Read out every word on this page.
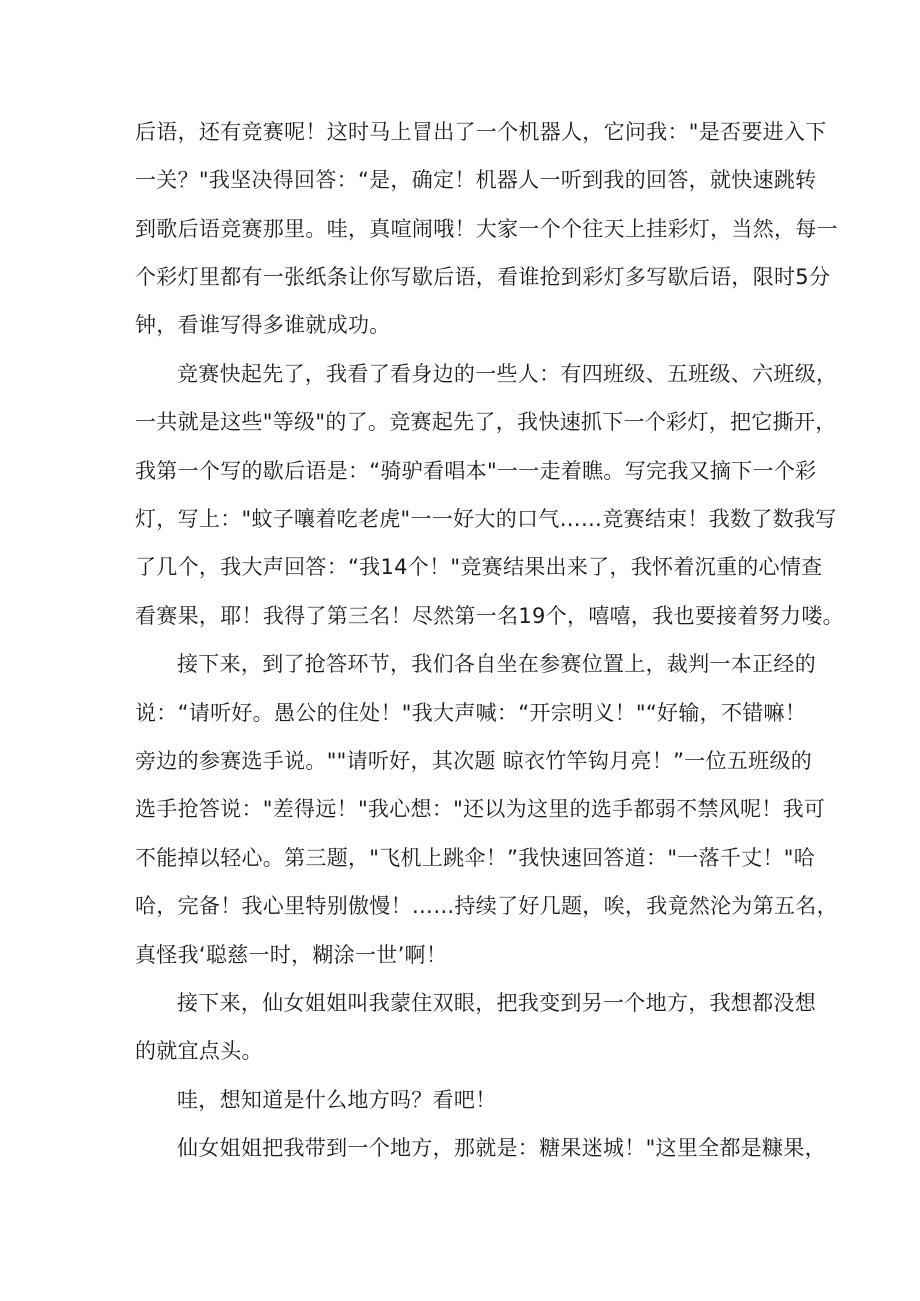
后语，还有竞赛呢！这时马上冒出了一个机器人，它问我："是否要进入下

一关？"我坚决得回答：“是，确定！机器人一听到我的回答，就快速跳转

到歌后语竞赛那里。哇，真喧闹哦！大家一个个往天上挂彩灯，当然，每一

个彩灯里都有一张纸条让你写歇后语，看谁抢到彩灯多写歇后语，限时5分

钟，看谁写得多谁就成功。

竞赛快起先了，我看了看身边的一些人：有四班级、五班级、六班级，

一共就是这些"等级"的了。竞赛起先了，我快速抓下一个彩灯，把它撕开，

我第一个写的歇后语是：“骑驴看唱本"一一走着瞧。写完我又摘下一个彩

灯，写上："蚊子嚷着吃老虎"一一好大的口气……竞赛结束！我数了数我写

了几个，我大声回答：“我14个！"竞赛结果出来了，我怀着沉重的心情查

看赛果，耶！我得了第三名！尽然第一名19个，嘻嘻，我也要接着努力喽。

接下来，到了抢答环节，我们各自坐在参赛位置上，裁判一本正经的

说：“请听好。愚公的住处！"我大声喊：“开宗明义！"“好输，不错嘛！

旁边的参赛选手说。""请听好，其次题 晾衣竹竿钩月亮！”一位五班级的

选手抢答说："差得远！"我心想："还以为这里的选手都弱不禁风呢！我可

不能掉以轻心。第三题，"飞机上跳伞！”我快速回答道："一落千丈！"哈

哈，完备！我心里特别傲慢！……持续了好几题，唉，我竟然沦为第五名，

真怪我‘聪慈一时，糊涂一世’啊！

接下来，仙女姐姐叫我蒙住双眼，把我变到另一个地方，我想都没想

的就宜点头。

哇，想知道是什么地方吗？看吧！

仙女姐姐把我带到一个地方，那就是：糖果迷城！"这里全都是糠果，
